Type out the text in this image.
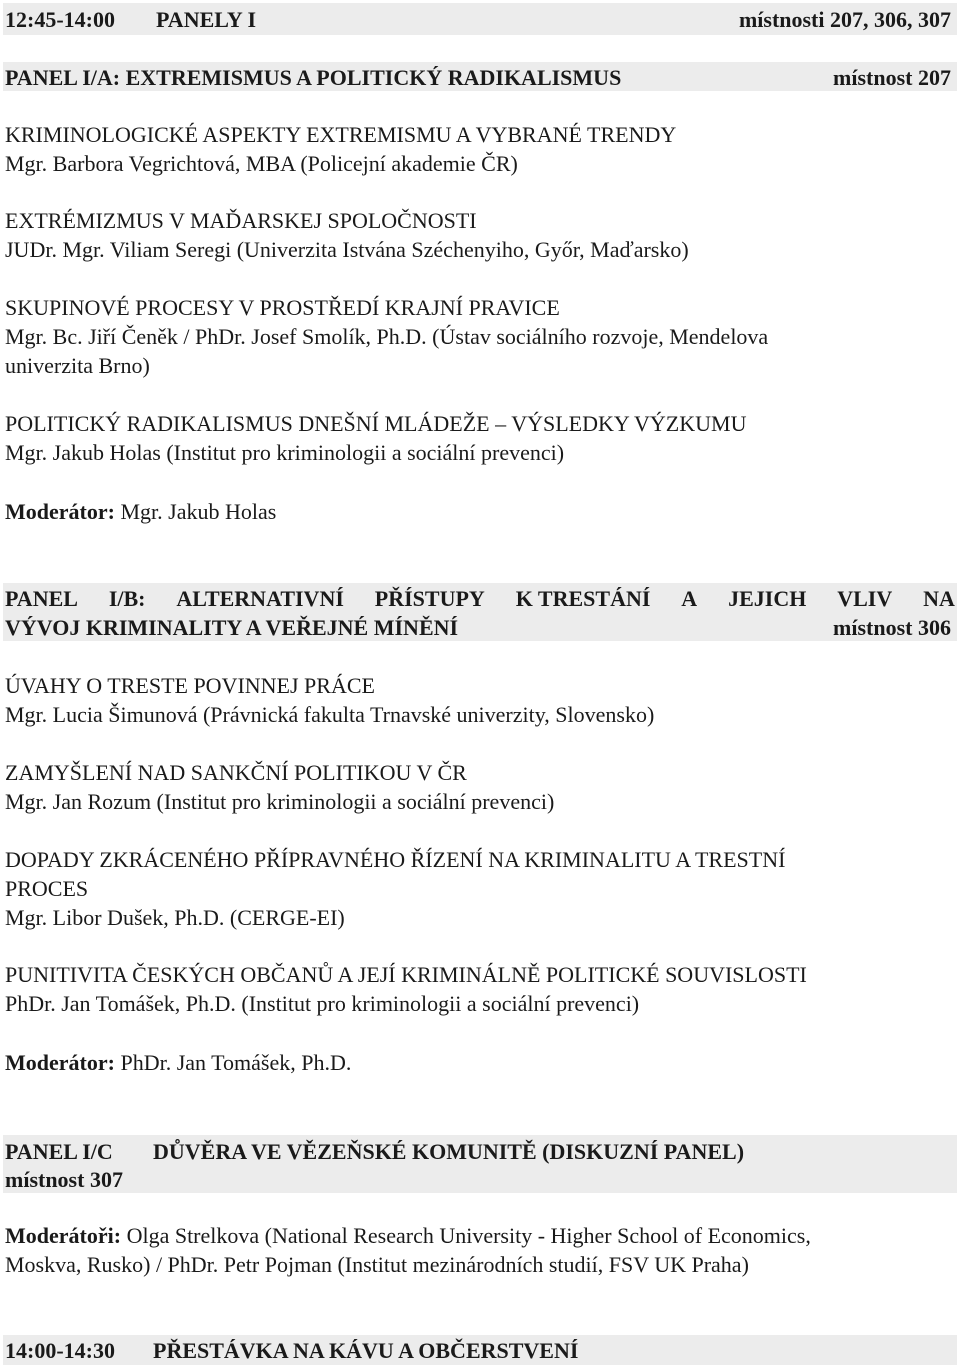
12:45-14:00 PANELY I	místnosti 207, 306, 307
PANEL I/A: EXTREMISMUS A POLITICKÝ RADIKALISMUS	místnost 207
KRIMINOLOGICKÉ ASPEKTY EXTREMISMU A VYBRANÉ TRENDY
Mgr. Barbora Vegrichtová, MBA (Policejní akademie ČR)
EXTRÉMIZMUS V MAĎARSKEJ SPOLOČNOSTI
JUDr. Mgr. Viliam Seregi (Univerzita Istvána Széchenyiho, Győr, Maďarsko)
SKUPINOVÉ PROCESY V PROSTŘEDÍ KRAJNÍ PRAVICE
Mgr. Bc. Jiří Čeněk / PhDr. Josef Smolík, Ph.D. (Ústav sociálního rozvoje, Mendelova
univerzita Brno)
POLITICKÝ RADIKALISMUS DNEŠNÍ MLÁDEŽE – VÝSLEDKY VÝZKUMU
Mgr. Jakub Holas (Institut pro kriminologii a sociální prevenci)
Moderátor: Mgr. Jakub Holas
PANEL I/B: ALTERNATIVNÍ PŘÍSTUPY K TRESTÁNÍ A JEJICH VLIV NA
VÝVOJ KRIMINALITY A VEŘEJNÉ MÍNĚNÍ	místnost 306
ÚVAHY O TRESTE POVINNEJ PRÁCE
Mgr. Lucia Šimunová (Právnická fakulta Trnavské univerzity, Slovensko)
ZAMYŠLENÍ NAD SANKČNÍ POLITIKOU V ČR
Mgr. Jan Rozum (Institut pro kriminologii a sociální prevenci)
DOPADY ZKRÁCENÉHO PŘÍPRAVNÉHO ŘÍZENÍ NA KRIMINALITU A TRESTNÍ
PROCES
Mgr. Libor Dušek, Ph.D. (CERGE-EI)
PUNITIVITA ČESKÝCH OBČANŮ A JEJÍ KRIMINÁLNĚ POLITICKÉ SOUVISLOSTI
PhDr. Jan Tomášek, Ph.D. (Institut pro kriminologii a sociální prevenci)
Moderátor: PhDr. Jan Tomášek, Ph.D.
PANEL I/C DŮVĚRA VE VĚZEŇSKÉ KOMUNITĚ (DISKUZNÍ PANEL)
místnost 307
Moderátoři: Olga Strelkova (National Research University - Higher School of Economics,
Moskva, Rusko) / PhDr. Petr Pojman (Institut mezinárodních studií, FSV UK Praha)
14:00-14:30 PŘESTÁVKA NA KÁVU A OBČERSTVENÍ
